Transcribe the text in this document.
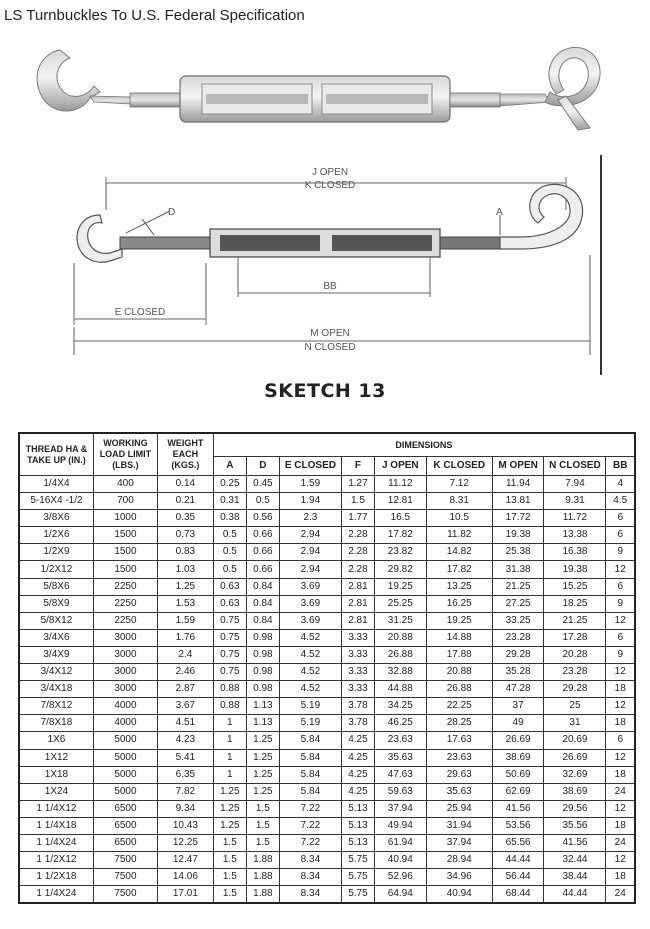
LS Turnbuckles To U.S. Federal Specification
J OPEN
K CLOSED
D	A
BB
E CLOSED
M OPEN
N CLOSED
SKETCH 13
THREAD HA & TAKE UP (IN.)	WORKING LOAD LIMIT (LBS.)	WEIGHT EACH (KGS.)	DIMENSIONS								
			A	D	E CLOSED	F	J OPEN	K CLOSED	M OPEN	N CLOSED	BB
1/4X4	400	0.14	0.25	0.45	1.59	1.27	11.12	7.12	11.94	7.94	4
5-16X4 -1/2	700	0.21	0.31	0.5	1.94	1.5	12.81	8.31	13.81	9.31	4.5
3/8X6	1000	0.35	0.38	0.56	2.3	1.77	16.5	10.5	17.72	11.72	6
1/2X6	1500	0.73	0.5	0.66	2.94	2.28	17.82	11.82	19.38	13.38	6
1/2X9	1500	0.83	0.5	0.66	2.94	2.28	23.82	14.82	25.38	16.38	9
1/2X12	1500	1.03	0.5	0.66	2.94	2.28	29.82	17.82	31.38	19.38	12
5/8X6	2250	1.25	0.63	0.84	3.69	2.81	19.25	13.25	21.25	15.25	6
5/8X9	2250	1.53	0.63	0.84	3.69	2.81	25.25	16.25	27.25	18.25	9
5/8X12	2250	1.59	0.75	0.84	3.69	2.81	31.25	19.25	33.25	21.25	12
3/4X6	3000	1.76	0.75	0.98	4.52	3.33	20.88	14.88	23.28	17.28	6
3/4X9	3000	2.4	0.75	0.98	4.52	3.33	26.88	17.88	29.28	20.28	9
3/4X12	3000	2.46	0.75	0.98	4.52	3.33	32.88	20.88	35.28	23.28	12
3/4X18	3000	2.87	0.88	0.98	4.52	3.33	44.88	26.88	47.28	29.28	18
7/8X12	4000	3.67	0.88	1.13	5.19	3.78	34.25	22.25	37	25	12
7/8X18	4000	4.51	1	1.13	5.19	3.78	46.25	28.25	49	31	18
1X6	5000	4.23	1	1.25	5.84	4.25	23.63	17.63	26.69	20.69	6
1X12	5000	5.41	1	1.25	5.84	4.25	35.63	23.63	38.69	26.69	12
1X18	5000	6.35	1	1.25	5.84	4.25	47.63	29.63	50.69	32.69	18
1X24	5000	7.82	1.25	1.25	5.84	4.25	59.63	35.63	62.69	38.69	24
1 1/4X12	6500	9.34	1.25	1.5	7.22	5.13	37.94	25.94	41.56	29.56	12
1 1/4X18	6500	10.43	1.25	1.5	7.22	5.13	49.94	31.94	53.56	35.56	18
1 1/4X24	6500	12.25	1.5	1.5	7.22	5.13	61.94	37.94	65.56	41.56	24
1 1/2X12	7500	12.47	1.5	1.88	8.34	5.75	40.94	28.94	44.44	32.44	12
1 1/2X18	7500	14.06	1.5	1.88	8.34	5.75	52.96	34.96	56.44	38.44	18
1 1/4X24	7500	17.01	1.5	1.88	8.34	5.75	64.94	40.94	68.44	44.44	24
